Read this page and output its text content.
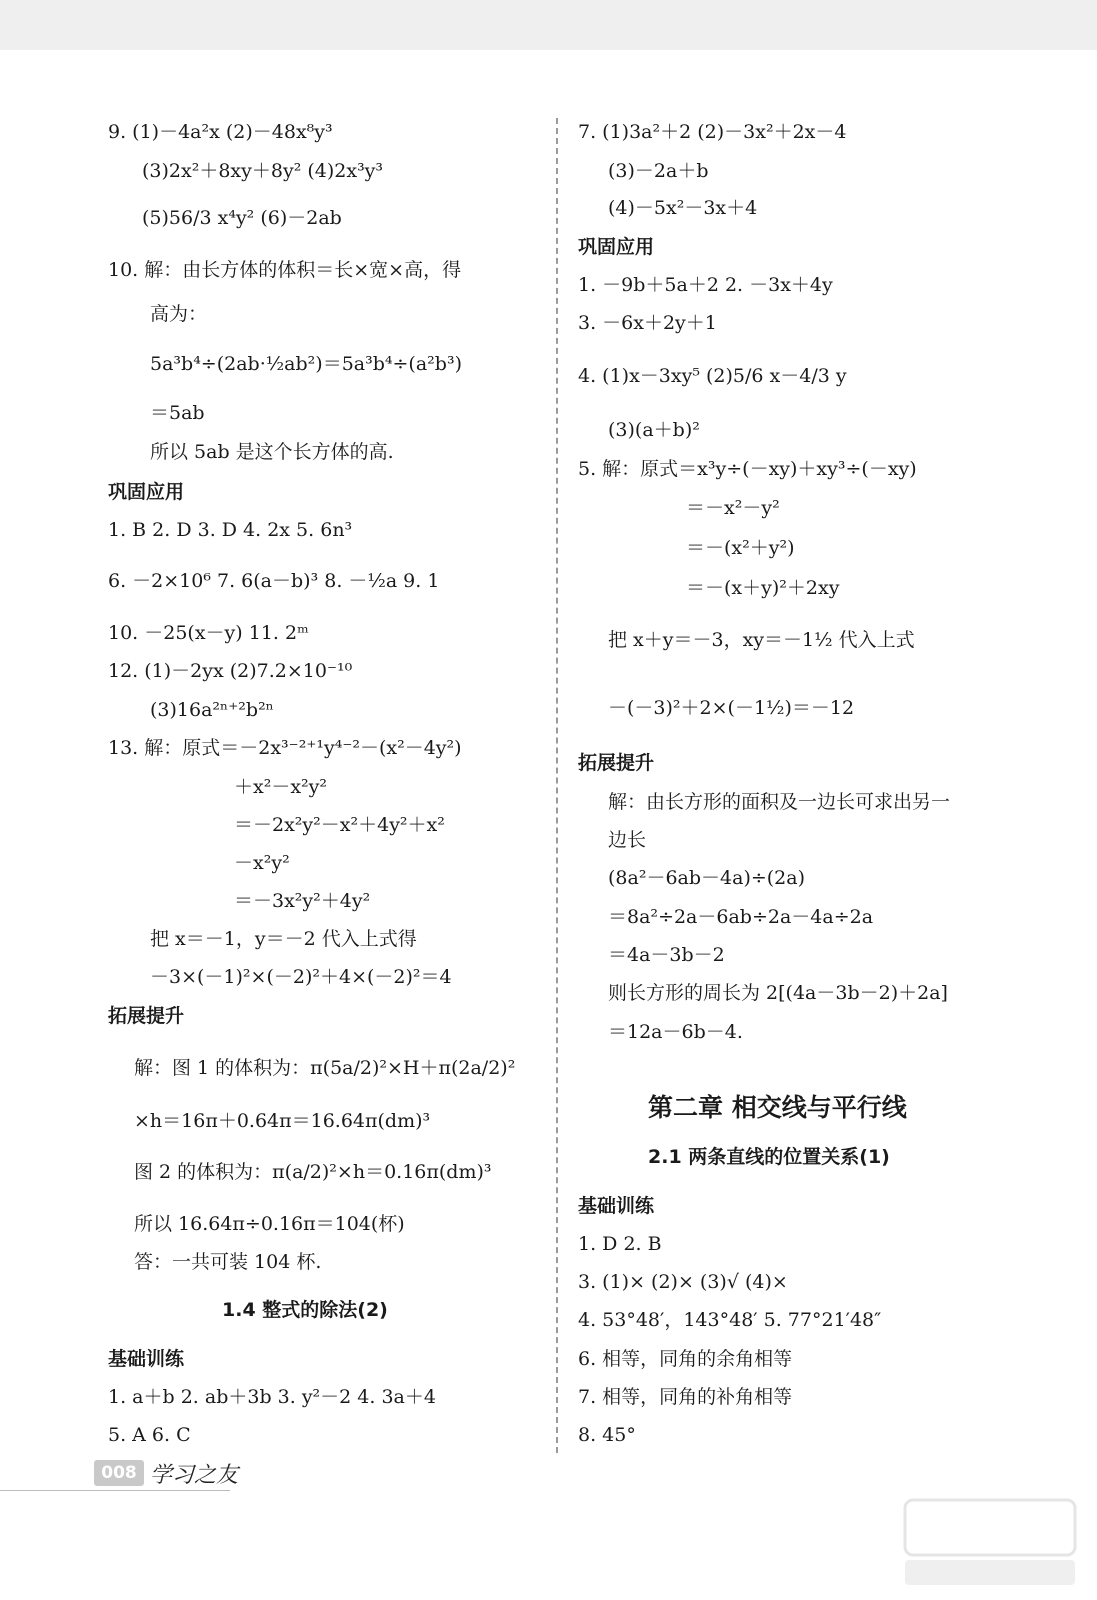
9. (1)－4a²x (2)－48x⁸y³
(3)2x²＋8xy＋8y² (4)2x³y³
(5)56/3 x⁴y² (6)－2ab
10. 解：由长方体的体积＝长×宽×高，得
高为：
5a³b⁴÷(2ab·½ab²)＝5a³b⁴÷(a²b³)
＝5ab
所以 5ab 是这个长方体的高.
巩固应用
1. B 2. D 3. D 4. 2x 5. 6n³
6. －2×10⁶ 7. 6(a－b)³ 8. －½a 9. 1
10. －25(x－y) 11. 2ᵐ
12. (1)－2yx (2)7.2×10⁻¹⁰
(3)16a²ⁿ⁺²b²ⁿ
13. 解：原式＝－2x³⁻²⁺¹y⁴⁻²－(x²－4y²)
＋x²－x²y²
＝－2x²y²－x²＋4y²＋x²
－x²y²
＝－3x²y²＋4y²
把 x＝－1，y＝－2 代入上式得
－3×(－1)²×(－2)²＋4×(－2)²＝4
拓展提升
解：图 1 的体积为：π(5a/2)²×H＋π(2a/2)²
×h＝16π＋0.64π＝16.64π(dm)³
图 2 的体积为：π(a/2)²×h＝0.16π(dm)³
所以 16.64π÷0.16π＝104(杯)
答：一共可装 104 杯.
1.4 整式的除法(2)
基础训练
1. a＋b 2. ab＋3b 3. y²－2 4. 3a＋4
5. A 6. C
7. (1)3a²＋2 (2)－3x²＋2x－4
(3)－2a＋b
(4)－5x²－3x＋4
巩固应用
1. －9b＋5a＋2 2. －3x＋4y
3. －6x＋2y＋1
4. (1)x－3xy⁵ (2)5/6 x－4/3 y
(3)(a＋b)²
5. 解：原式＝x³y÷(－xy)＋xy³÷(－xy)
＝－x²－y²
＝－(x²＋y²)
＝－(x＋y)²＋2xy
把 x＋y＝－3，xy＝－1½ 代入上式
－(－3)²＋2×(－1½)＝－12
拓展提升
解：由长方形的面积及一边长可求出另一
边长
(8a²－6ab－4a)÷(2a)
＝8a²÷2a－6ab÷2a－4a÷2a
＝4a－3b－2
则长方形的周长为 2[(4a－3b－2)＋2a]
＝12a－6b－4.
第二章 相交线与平行线
2.1 两条直线的位置关系(1)
基础训练
1. D 2. B
3. (1)× (2)× (3)√ (4)×
4. 53°48′，143°48′ 5. 77°21′48″
6. 相等，同角的余角相等
7. 相等，同角的补角相等
8. 45°
008 学习之友
